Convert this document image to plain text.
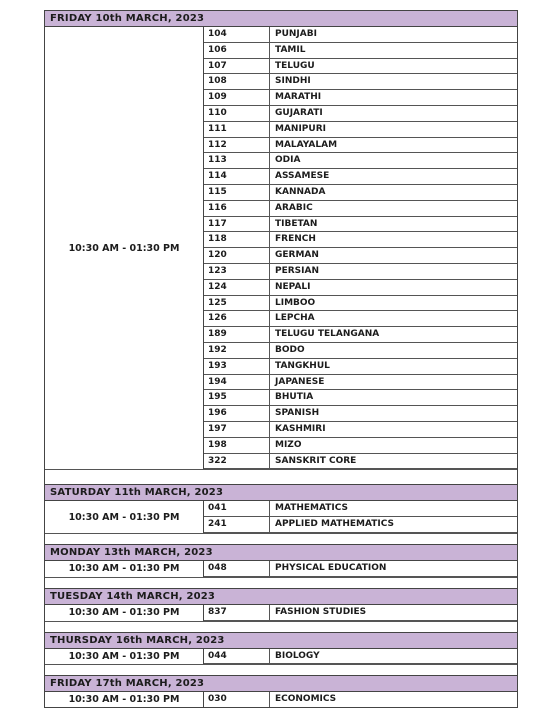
FRIDAY 10th MARCH, 2023
10:30 AM - 01:30 PM
104	PUNJABI
106	TAMIL
107	TELUGU
108	SINDHI
109	MARATHI
110	GUJARATI
111	MANIPURI
112	MALAYALAM
113	ODIA
114	ASSAMESE
115	KANNADA
116	ARABIC
117	TIBETAN
118	FRENCH
120	GERMAN
123	PERSIAN
124	NEPALI
125	LIMBOO
126	LEPCHA
189	TELUGU TELANGANA
192	BODO
193	TANGKHUL
194	JAPANESE
195	BHUTIA
196	SPANISH
197	KASHMIRI
198	MIZO
322	SANSKRIT CORE
SATURDAY 11th MARCH, 2023
10:30 AM - 01:30 PM
041	MATHEMATICS
241	APPLIED MATHEMATICS
MONDAY 13th MARCH, 2023
10:30 AM - 01:30 PM	048	PHYSICAL EDUCATION
TUESDAY 14th MARCH, 2023
10:30 AM - 01:30 PM	837	FASHION STUDIES
THURSDAY 16th MARCH, 2023
10:30 AM - 01:30 PM	044	BIOLOGY
FRIDAY 17th MARCH, 2023
10:30 AM - 01:30 PM	030	ECONOMICS
